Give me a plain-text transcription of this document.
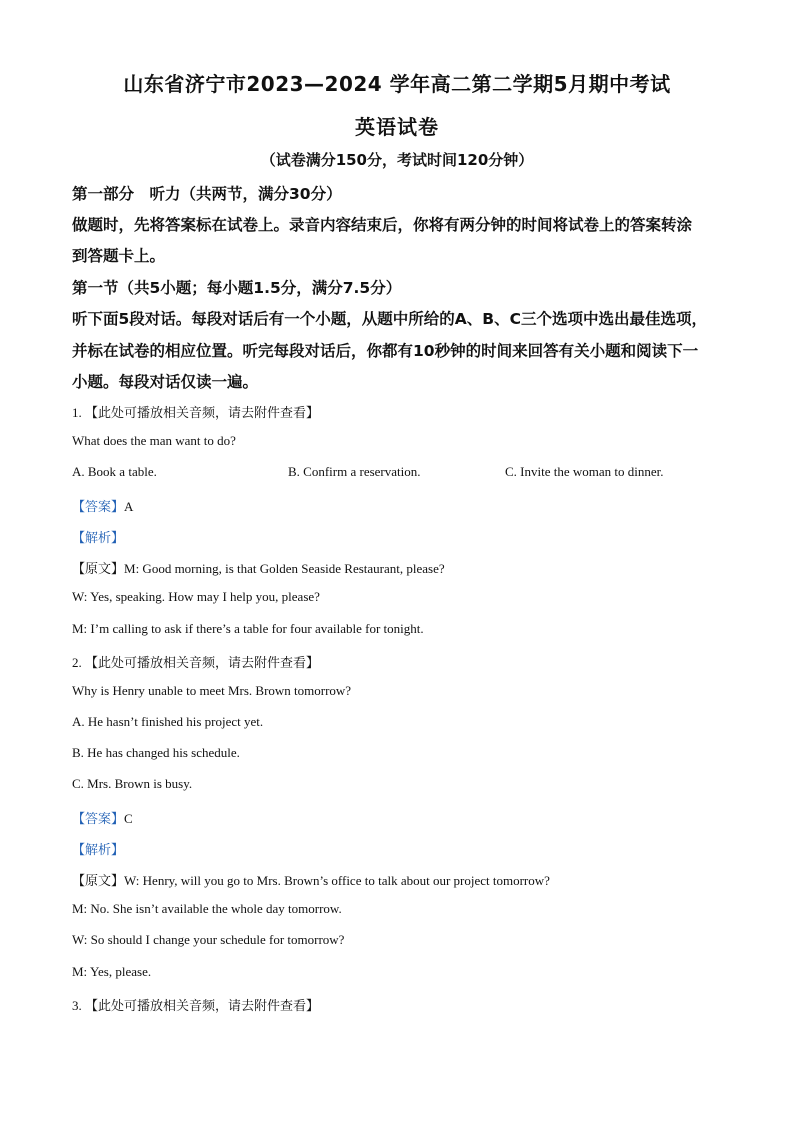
山东省济宁市2023—2024 学年高二第二学期5月期中考试
英语试卷
（试卷满分150分，考试时间120分钟）
第一部分　听力（共两节，满分30分）
做题时，先将答案标在试卷上。录音内容结束后，你将有两分钟的时间将试卷上的答案转涂
到答题卡上。
第一节（共5小题；每小题1.5分，满分7.5分）
听下面5段对话。每段对话后有一个小题，从题中所给的A、B、C三个选项中选出最佳选项，
并标在试卷的相应位置。听完每段对话后，你都有10秒钟的时间来回答有关小题和阅读下一
小题。每段对话仅读一遍。
1. 【此处可播放相关音频，请去附件查看】
What does the man want to do?
A. Book a table.	B. Confirm a reservation.	C. Invite the woman to dinner.
【答案】A
【解析】
【原文】M: Good morning, is that Golden Seaside Restaurant, please?
W: Yes, speaking. How may I help you, please?
M: I’m calling to ask if there’s a table for four available for tonight.
2. 【此处可播放相关音频，请去附件查看】
Why is Henry unable to meet Mrs. Brown tomorrow?
A. He hasn’t finished his project yet.
B. He has changed his schedule.
C. Mrs. Brown is busy.
【答案】C
【解析】
【原文】W: Henry, will you go to Mrs. Brown’s office to talk about our project tomorrow?
M: No. She isn’t available the whole day tomorrow.
W: So should I change your schedule for tomorrow?
M: Yes, please.
3. 【此处可播放相关音频，请去附件查看】
